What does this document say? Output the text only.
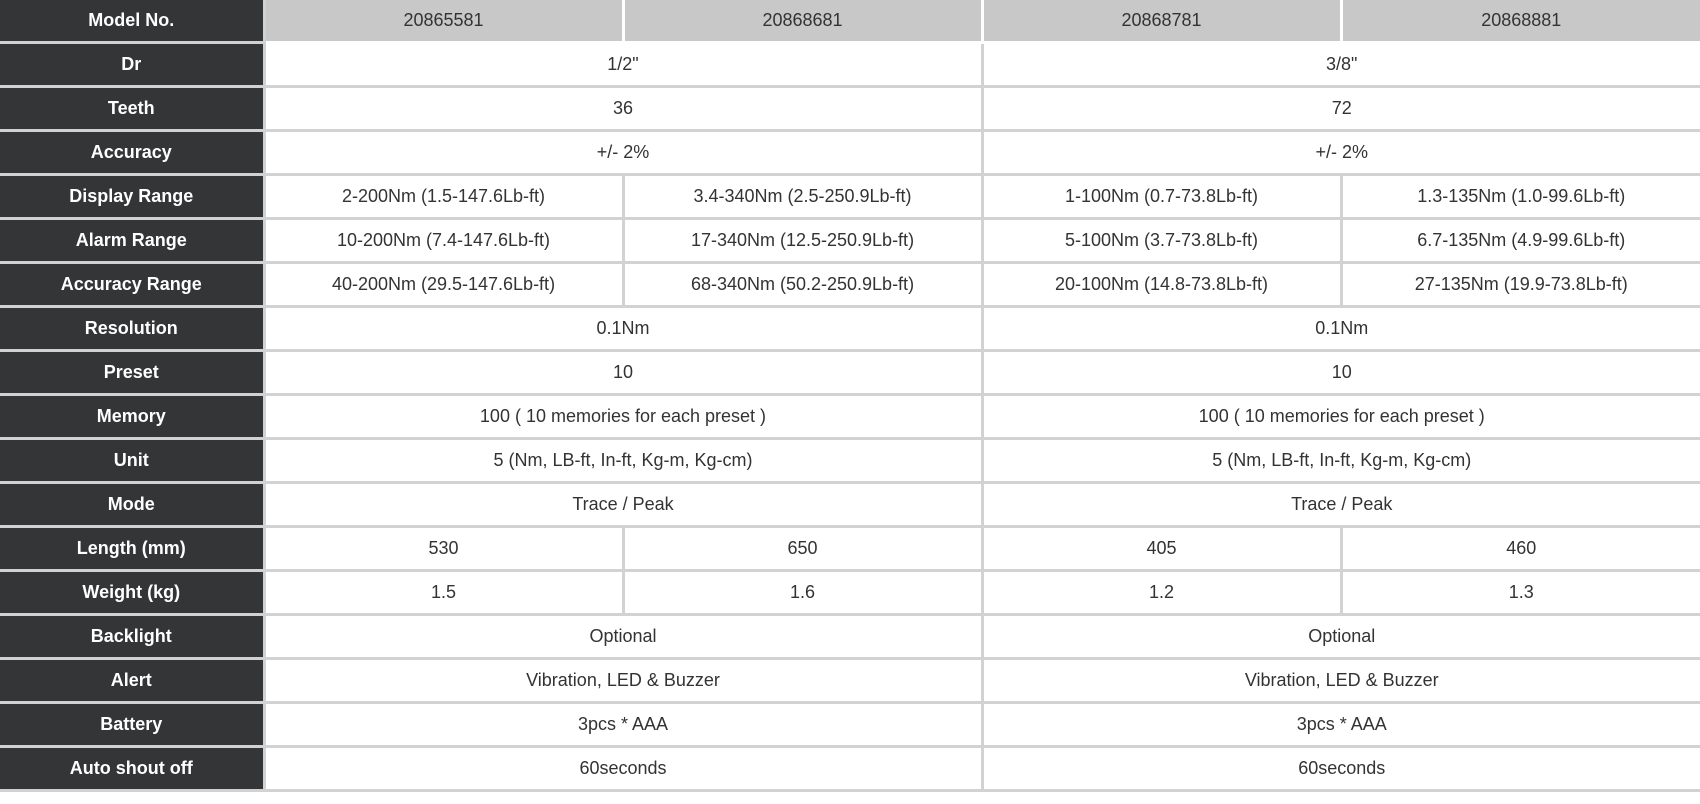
Model No.	20865581	20868681	20868781	20868881
Dr	1/2"		3/8"	
Teeth	36		72	
Accuracy	+/- 2%		+/- 2%	
Display Range	2-200Nm (1.5-147.6Lb-ft)	3.4-340Nm (2.5-250.9Lb-ft)	1-100Nm (0.7-73.8Lb-ft)	1.3-135Nm (1.0-99.6Lb-ft)
Alarm Range	10-200Nm (7.4-147.6Lb-ft)	17-340Nm (12.5-250.9Lb-ft)	5-100Nm (3.7-73.8Lb-ft)	6.7-135Nm (4.9-99.6Lb-ft)
Accuracy Range	40-200Nm (29.5-147.6Lb-ft)	68-340Nm (50.2-250.9Lb-ft)	20-100Nm (14.8-73.8Lb-ft)	27-135Nm (19.9-73.8Lb-ft)
Resolution	0.1Nm		0.1Nm	
Preset	10		10	
Memory	100 ( 10 memories for each preset )		100 ( 10 memories for each preset )	
Unit	5 (Nm, LB-ft, In-ft, Kg-m, Kg-cm)		5 (Nm, LB-ft, In-ft, Kg-m, Kg-cm)	
Mode	Trace / Peak		Trace / Peak	
Length (mm)	530	650	405	460
Weight (kg)	1.5	1.6	1.2	1.3
Backlight	Optional		Optional	
Alert	Vibration, LED & Buzzer		Vibration, LED & Buzzer	
Battery	3pcs * AAA		3pcs * AAA	
Auto shout off	60seconds		60seconds	
